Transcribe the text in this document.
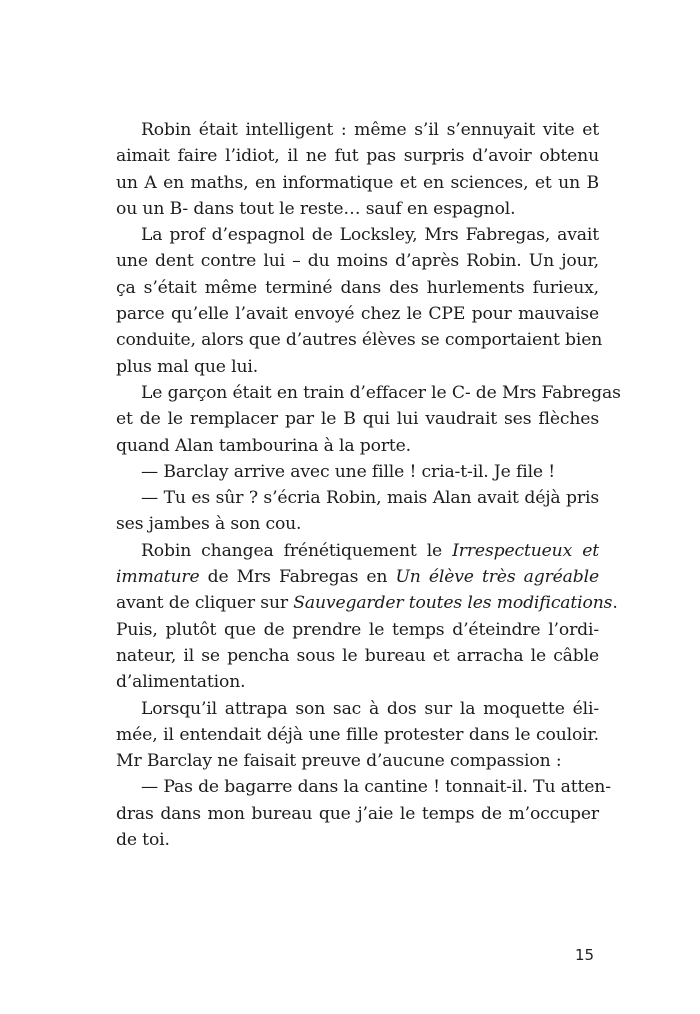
Robin était intelligent : même s’il s’ennuyait vite et
aimait faire l’idiot, il ne fut pas surpris d’avoir obtenu
un A en maths, en informatique et en sciences, et un B
ou un B- dans tout le reste… sauf en espagnol.
La prof d’espagnol de Locksley, Mrs Fabregas, avait
une dent contre lui – du moins d’après Robin. Un jour,
ça s’était même terminé dans des hurlements furieux,
parce qu’elle l’avait envoyé chez le CPE pour mauvaise
conduite, alors que d’autres élèves se comportaient bien
plus mal que lui.
Le garçon était en train d’effacer le C- de Mrs Fabregas
et de le remplacer par le B qui lui vaudrait ses flèches
quand Alan tambourina à la porte.
— Barclay arrive avec une fille ! cria-t-il. Je file !
— Tu es sûr ? s’écria Robin, mais Alan avait déjà pris
ses jambes à son cou.
Robin changea frénétiquement le Irrespectueux et
immature de Mrs Fabregas en Un élève très agréable
avant de cliquer sur Sauvegarder toutes les modifications.
Puis, plutôt que de prendre le temps d’éteindre l’ordi-
nateur, il se pencha sous le bureau et arracha le câble
d’alimentation.
Lorsqu’il attrapa son sac à dos sur la moquette éli-
mée, il entendait déjà une fille protester dans le couloir.
Mr Barclay ne faisait preuve d’aucune compassion :
— Pas de bagarre dans la cantine ! tonnait-il. Tu atten-
dras dans mon bureau que j’aie le temps de m’occuper
de toi.
15
